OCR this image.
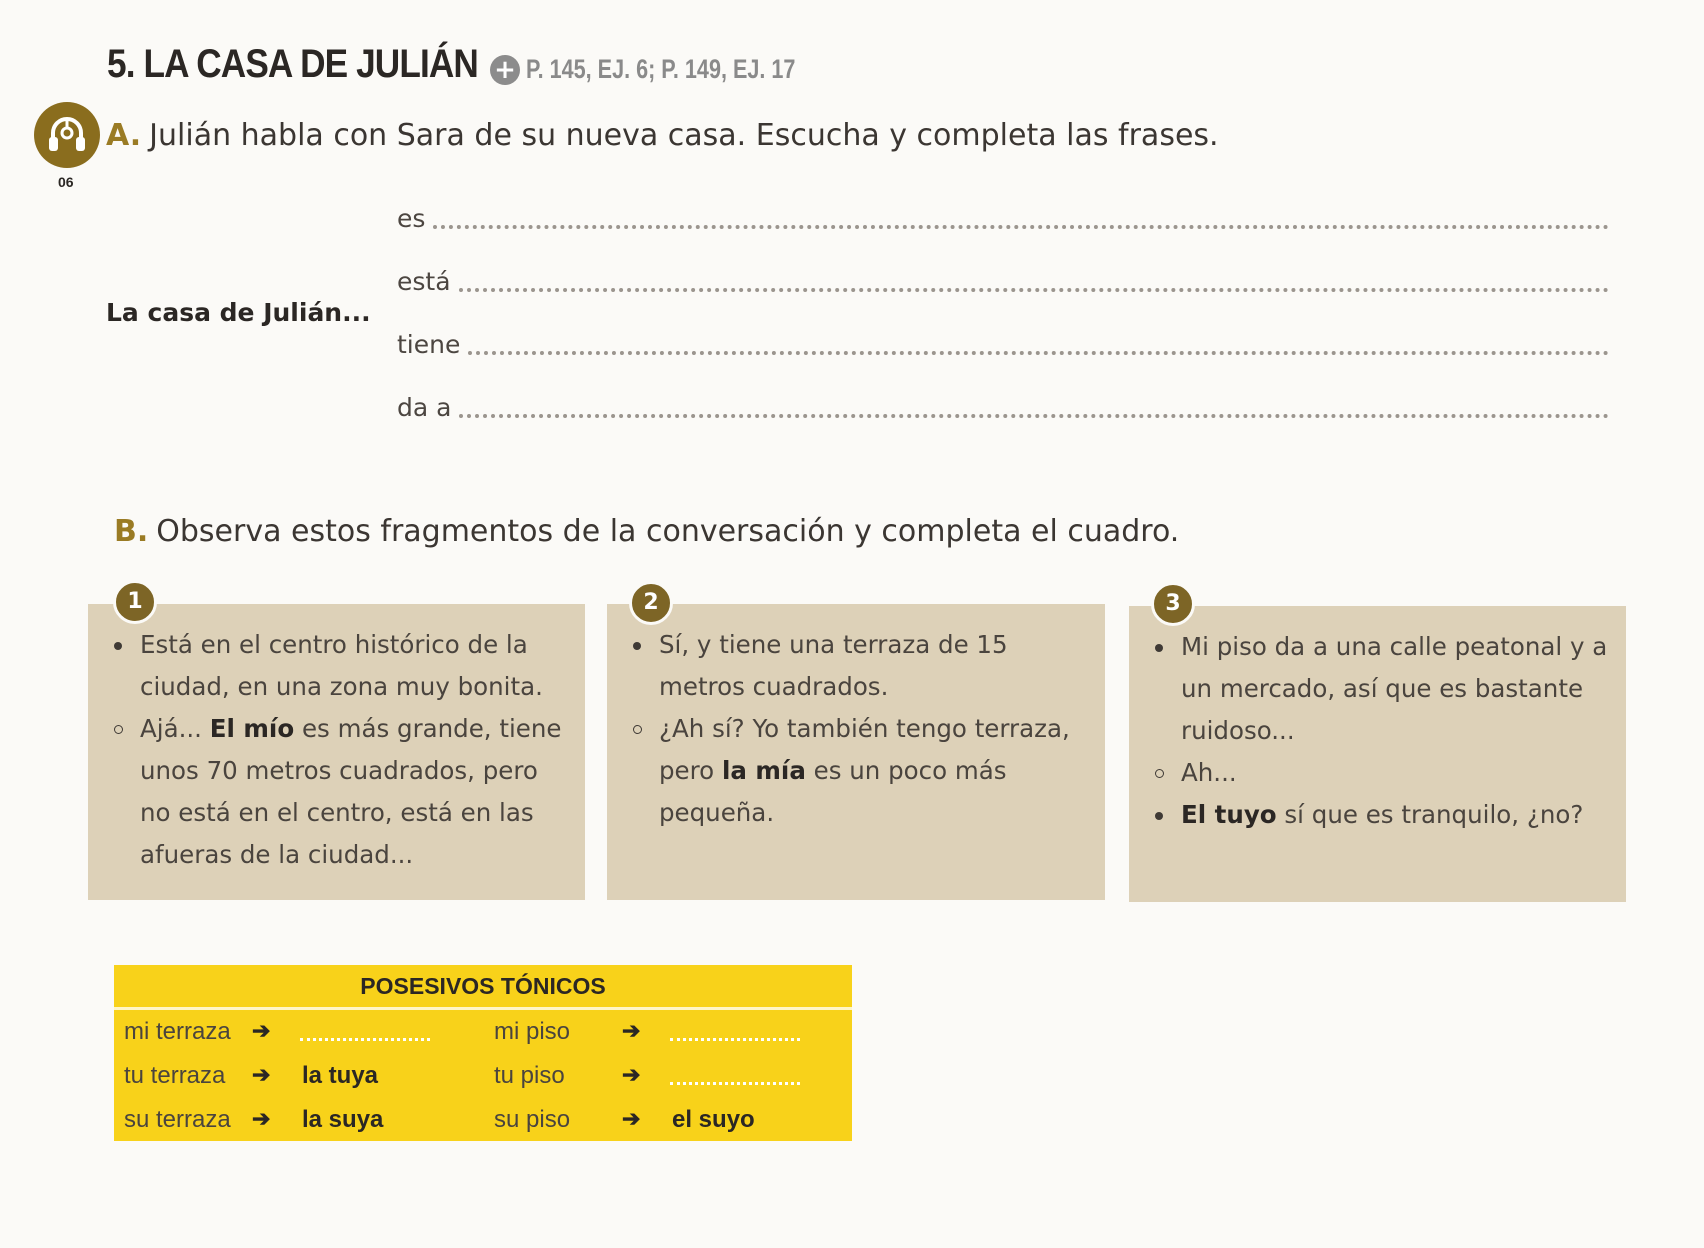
5. LA CASA DE JULIÁN + P. 145, EJ. 6; P. 149, EJ. 17
06
A. Julián habla con Sara de su nueva casa. Escucha y completa las frases.
La casa de Julián...
es
está
tiene
da a
B. Observa estos fragmentos de la conversación y completa el cuadro.
Está en el centro histórico de la ciudad, en una zona muy bonita.
Ajá... El mío es más grande, tiene unos 70 metros cuadrados, pero no está en el centro, está en las afueras de la ciudad...
1
Sí, y tiene una terraza de 15 metros cuadrados.
¿Ah sí? Yo también tengo terraza, pero la mía es un poco más pequeña.
2
Mi piso da a una calle peatonal y a un mercado, así que es bastante ruidoso...
Ah...
El tuyo sí que es tranquilo, ¿no?
3
POSESIVOS TÓNICOS
mi terraza ➔	mi piso ➔
tu terraza ➔ la tuya	tu piso	➔
su terraza ➔ la suya	su piso ➔ el suyo
